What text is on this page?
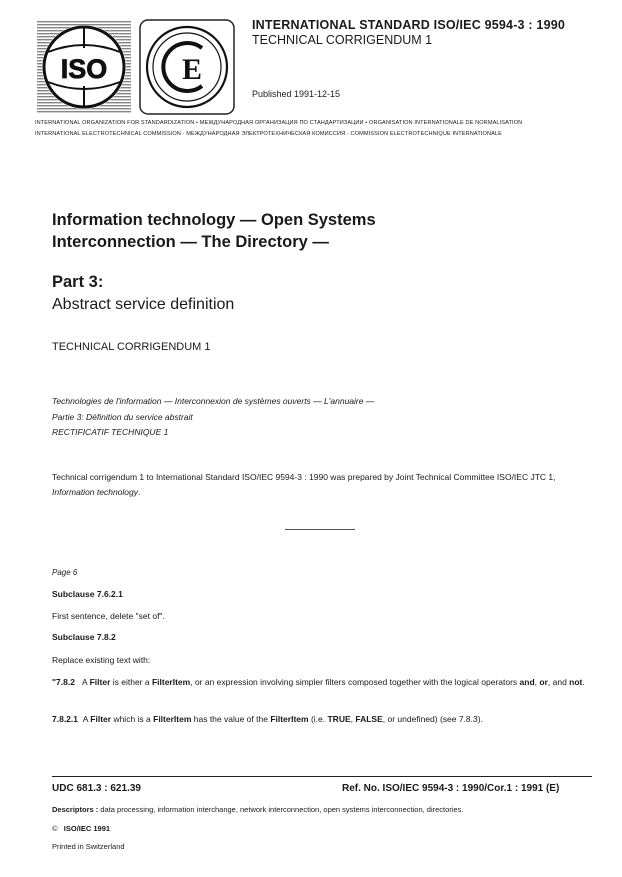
ISO E
INTERNATIONAL STANDARD ISO/IEC 9594-3 : 1990
TECHNICAL CORRIGENDUM 1
Published 1991-12-15
INTERNATIONAL ORGANIZATION FOR STANDARDIZATION • МЕЖДУНАРОДНАЯ ОРГАНИЗАЦИЯ ПО СТАНДАРТИЗАЦИИ • ORGANISATION INTERNATIONALE DE NORMALISATION
INTERNATIONAL ELECTROTECHNICAL COMMISSION · МЕЖДУНАРОДНАЯ ЭЛЕКТРОТЕХНИЧЕСКАЯ КОМИССИЯ · COMMISSION ELECTROTECHNIQUE INTERNATIONALE
Information technology — Open Systems
Interconnection — The Directory —
Part 3:
Abstract service definition
TECHNICAL CORRIGENDUM 1
Technologies de l'information — Interconnexion de systèmes ouverts — L'annuaire —
Partie 3: Définition du service abstrait
RECTIFICATIF TECHNIQUE 1
Technical corrigendum 1 to International Standard ISO/IEC 9594-3 : 1990 was prepared by Joint Technical Committee ISO/IEC JTC 1, Information technology.
Page 6
Subclause 7.6.2.1
First sentence, delete "set of".
Subclause 7.8.2
Replace existing text with:
"7.8.2 A Filter is either a FilterItem, or an expression involving simpler filters composed together with the logical operators and, or, and not.
7.8.2.1 A Filter which is a FilterItem has the value of the FilterItem (i.e. TRUE, FALSE, or undefined) (see 7.8.3).
UDC 681.3 : 621.39	Ref. No. ISO/IEC 9594-3 : 1990/Cor.1 : 1991 (E)
Descriptors : data processing, information interchange, network interconnection, open systems interconnection, directories.
© ISO/IEC 1991
Printed in Switzerland
